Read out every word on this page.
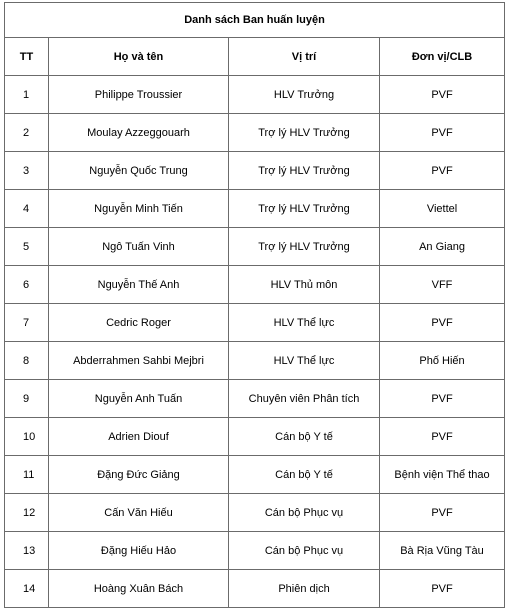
Danh sách Ban huấn luyện			
TT	Họ và tên	Vị trí	Đơn vị/CLB
1	Philippe Troussier	HLV Trưởng	PVF
2	Moulay Azzeggouarh	Trợ lý HLV Trưởng	PVF
3	Nguyễn Quốc Trung	Trợ lý HLV Trưởng	PVF
4	Nguyễn Minh Tiến	Trợ lý HLV Trưởng	Viettel
5	Ngô Tuấn Vinh	Trợ lý HLV Trưởng	An Giang
6	Nguyễn Thế Anh	HLV Thủ môn	VFF
7	Cedric Roger	HLV Thể lực	PVF
8	Abderrahmen Sahbi Mejbri	HLV Thể lực	Phố Hiến
9	Nguyễn Anh Tuấn	Chuyên viên Phân tích	PVF
10	Adrien Diouf	Cán bộ Y tế	PVF
11	Đặng Đức Giảng	Cán bộ Y tế	Bệnh viện Thể thao
12	Cấn Văn Hiếu	Cán bộ Phục vụ	PVF
13	Đặng Hiếu Hảo	Cán bộ Phục vụ	Bà Rịa Vũng Tàu
14	Hoàng Xuân Bách	Phiên dịch	PVF
